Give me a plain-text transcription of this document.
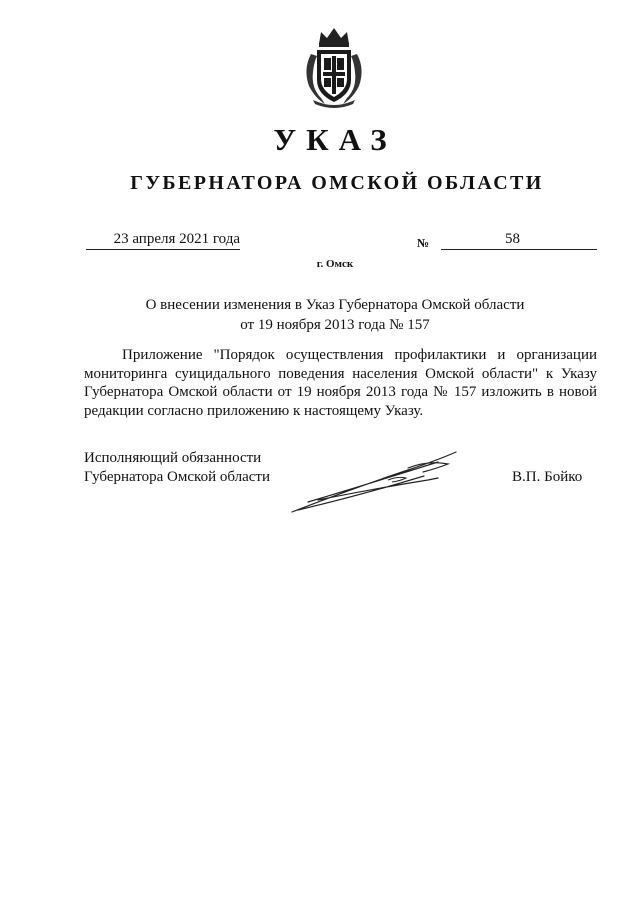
УКАЗ
ГУБЕРНАТОРА ОМСКОЙ ОБЛАСТИ
23 апреля 2021 года	№	58
г. Омск
О внесении изменения в Указ Губернатора Омской области
от 19 ноября 2013 года № 157

Приложение "Порядок осуществления профилактики и организации мониторинга суицидального поведения населения Омской области" к Указу Губернатора Омской области от 19 ноября 2013 года № 157 изложить в новой редакции согласно приложению к настоящему Указу.

Исполняющий обязанности
Губернатора Омской области	В.П. Бойко
